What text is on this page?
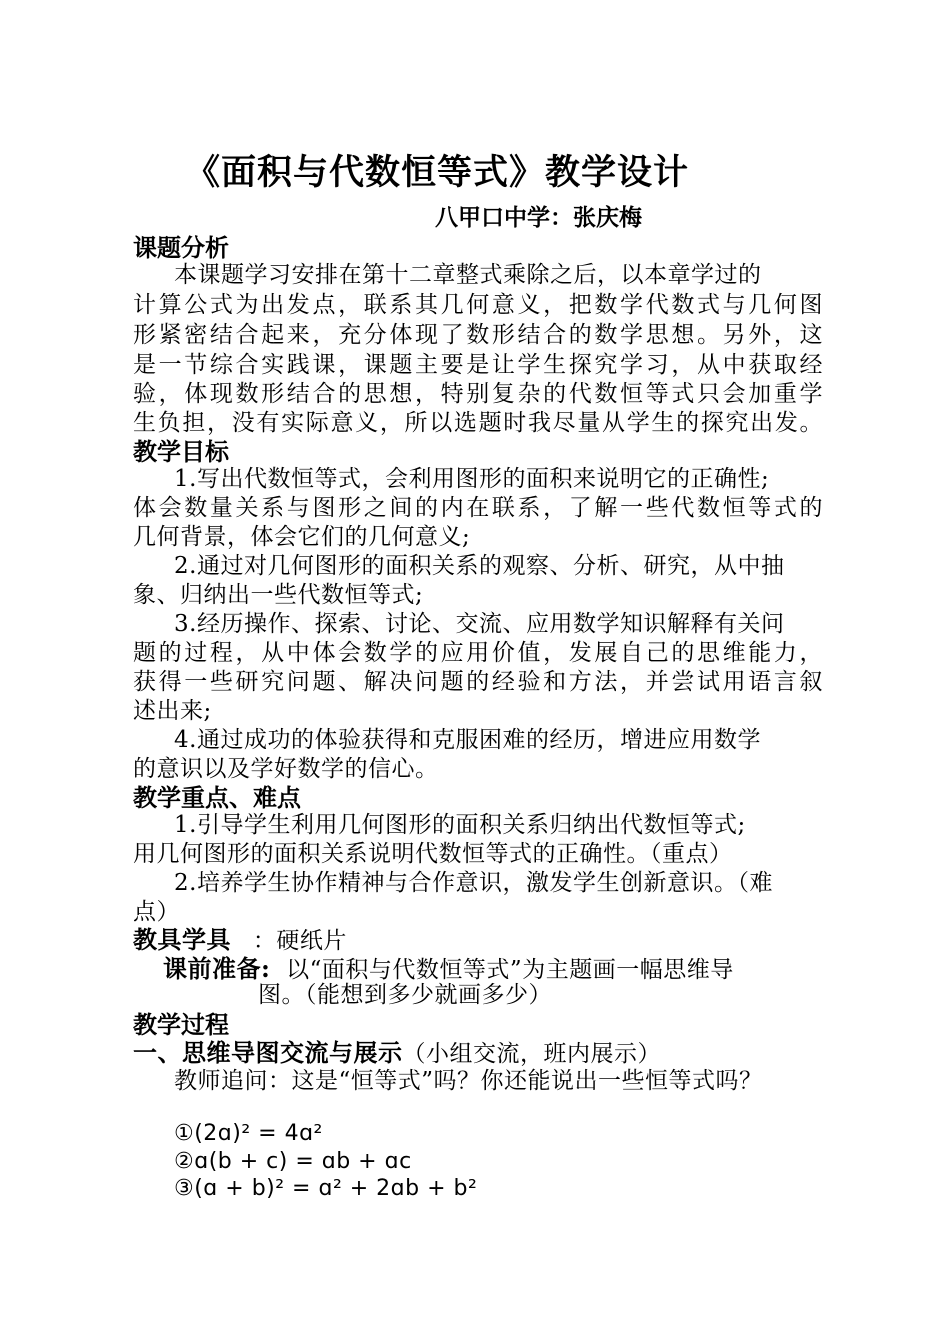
《面积与代数恒等式》教学设计
八甲口中学：张庆梅
课题分析
本课题学习安排在第十二章整式乘除之后，以本章学过的
计算公式为出发点，联系其几何意义，把数学代数式与几何图
形紧密结合起来，充分体现了数形结合的数学思想。另外，这
是一节综合实践课，课题主要是让学生探究学习，从中获取经
验，体现数形结合的思想，特别复杂的代数恒等式只会加重学
生负担，没有实际意义，所以选题时我尽量从学生的探究出发。
教学目标
1.写出代数恒等式，会利用图形的面积来说明它的正确性;
体会数量关系与图形之间的内在联系，了解一些代数恒等式的
几何背景，体会它们的几何意义;
2.通过对几何图形的面积关系的观察、分析、研究，从中抽
象、归纳出一些代数恒等式;
3.经历操作、探索、讨论、交流、应用数学知识解释有关问
题的过程，从中体会数学的应用价值，发展自己的思维能力，
获得一些研究问题、解决问题的经验和方法，并尝试用语言叙
述出来;
4.通过成功的体验获得和克服困难的经历，增进应用数学
的意识以及学好数学的信心。
教学重点、难点
1.引导学生利用几何图形的面积关系归纳出代数恒等式;
用几何图形的面积关系说明代数恒等式的正确性。（重点）
2.培养学生协作精神与合作意识，激发学生创新意识。（难
点）
教具学具 ：硬纸片
课前准备: 以“面积与代数恒等式”为主题画一幅思维导
图。（能想到多少就画多少）
教学过程
一、思维导图交流与展示（小组交流，班内展示）
教师追问：这是“恒等式”吗？你还能说出一些恒等式吗？
①(2ɑ)² = 4ɑ²
②ɑ(b + c) = ɑb + ɑc
③(ɑ + b)² = ɑ² + 2ɑb + b²
